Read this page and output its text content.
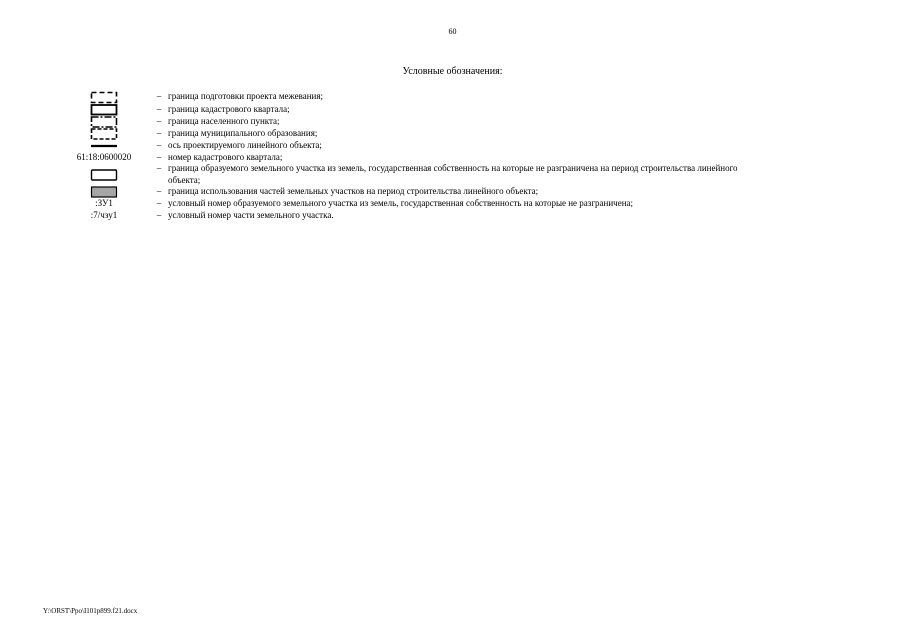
60
Условные обозначения:
– граница подготовки проекта межевания;
– граница кадастрового квартала;
– граница населенного пункта;
– граница муниципального образования;
– ось проектируемого линейного объекта;
61:18:0600020	– номер кадастрового квартала;
– граница образуемого земельного участка из земель, государственная собственность на которые не разграничена на период строительства линейного объекта;
– граница использования частей земельных участков на период строительства линейного объекта;
:ЗУ1	– условный номер образуемого земельного участка из земель, государственная собственность на которые не разграничена;
:7/чзу1	– условный номер части земельного участка.
Y:\ORST\Ppo\I101p899.f21.docx
